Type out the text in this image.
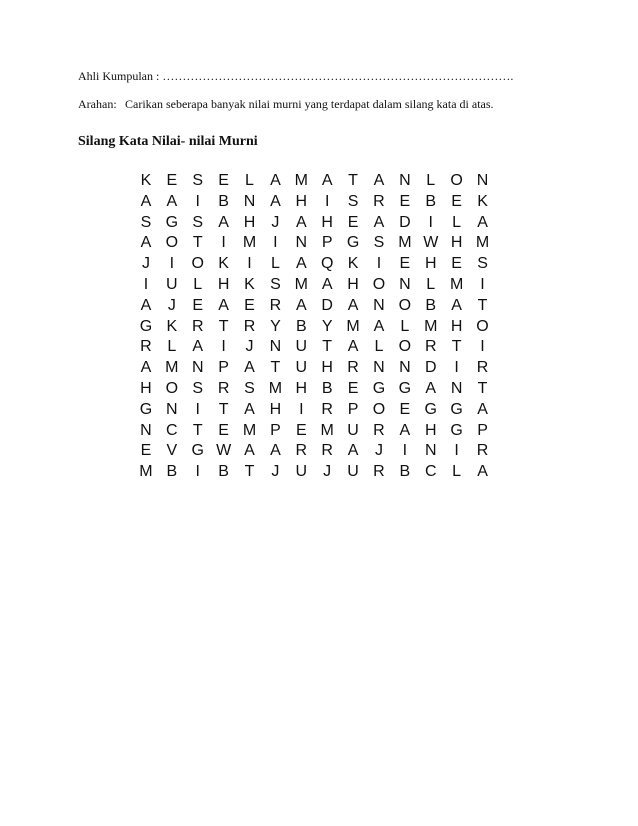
Ahli Kumpulan : …………………………………………………………………………….
Arahan: Carikan seberapa banyak nilai murni yang terdapat dalam silang kata di atas.
Silang Kata Nilai- nilai Murni
K E S E	L	A M A T A N L O N
A A	I	B N A H	I	S R E B E K
S G S A H	J	A H E A D	I	L	A
A O T	I	M	I	N P G S M W H M
J	I	O K	I	L	A Q K	I	E H E S
I	U L H K S M A H O N L M	I
A	J	E A E R A D A N O B A T
G K R T R Y B Y M A	L M H O
R L	A	I	J	N U T A	L O R T	I
A M N P A T U H R N N D	I	R
H O S R S M H B E G G A N T
G N	I	T A H	I	R P O E G G A
N C T E M P E M U R A H G P
E V G W A A R R A	J	I	N	I	R
M B	I	B T	J	U	J	U R B C L	A
